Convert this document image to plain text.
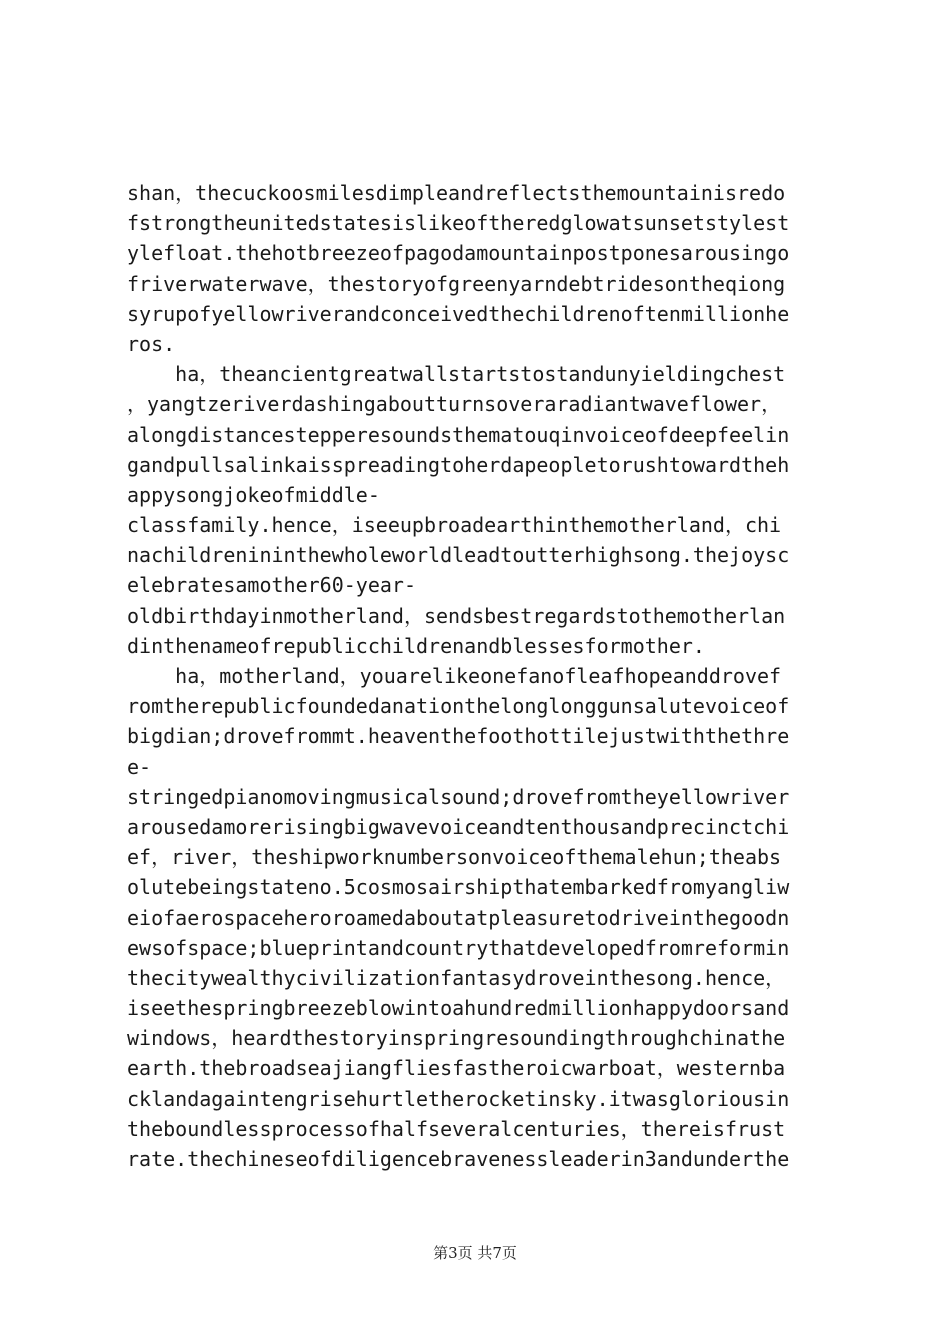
shan，thecuckoosmilesdimpleandreflectsthemountainisredo
fstrongtheunitedstatesislikeoftheredglowatsunsetstylest
ylefloat.thehotbreezeofpagodamountainpostponesarousingo
friverwaterwave，thestoryofgreenyarndebtridesontheqiong
syrupofyellowriverandconceivedthechildrenoftenmillionhe
ros.
ha，theancientgreatwallstartstostandunyieldingchest
，yangtzeriverdashingaboutturnsoveraradiantwaveflower，
alongdistancestepperesoundsthematouqinvoiceofdeepfeelin
gandpullsalinkaisspreadingtoherdapeopletorushtowardtheh
appysongjokeofmiddle-
classfamily.hence，iseeupbroadearthinthemotherland，chi
nachildrenininthewholeworldleadtoutterhighsong.thejoysc
elebratesamother60-year-
oldbirthdayinmotherland，sendsbestregardstothemotherlan
dinthenameofrepublicchildrenandblessesformother.
ha，motherland，youarelikeonefanofleafhopeanddrovef
romtherepublicfoundedanationthelonglonggunsalutevoiceof
bigdian;drovefrommt.heaventhefoothottilejustwiththethre
e-
stringedpianomovingmusicalsound;drovefromtheyellowriver
arousedamorerisingbigwavevoiceandtenthousandprecinctchi
ef，river，theshipworknumbersonvoiceofthemalehun;theabs
olutebeingstateno.5cosmosairshipthatembarkedfromyangliw
eiofaerospaceheroroamedaboutatpleasuretodriveinthegoodn
ewsofspace;blueprintandcountrythatdevelopedfromreformin
thecitywealthycivilizationfantasydroveinthesong.hence，
iseethespringbreezeblowintoahundredmillionhappydoorsand
windows，heardthestoryinspringresoundingthroughchinathe
earth.thebroadseajiangfliesfastheroicwarboat，westernba
cklandagaintengrisehurtletherocketinsky.itwasgloriousin
theboundlessprocessofhalfseveralcenturies，thereisfrust
rate.thechineseofdiligencebravenessleaderin3andunderthe
第3页 共7页
